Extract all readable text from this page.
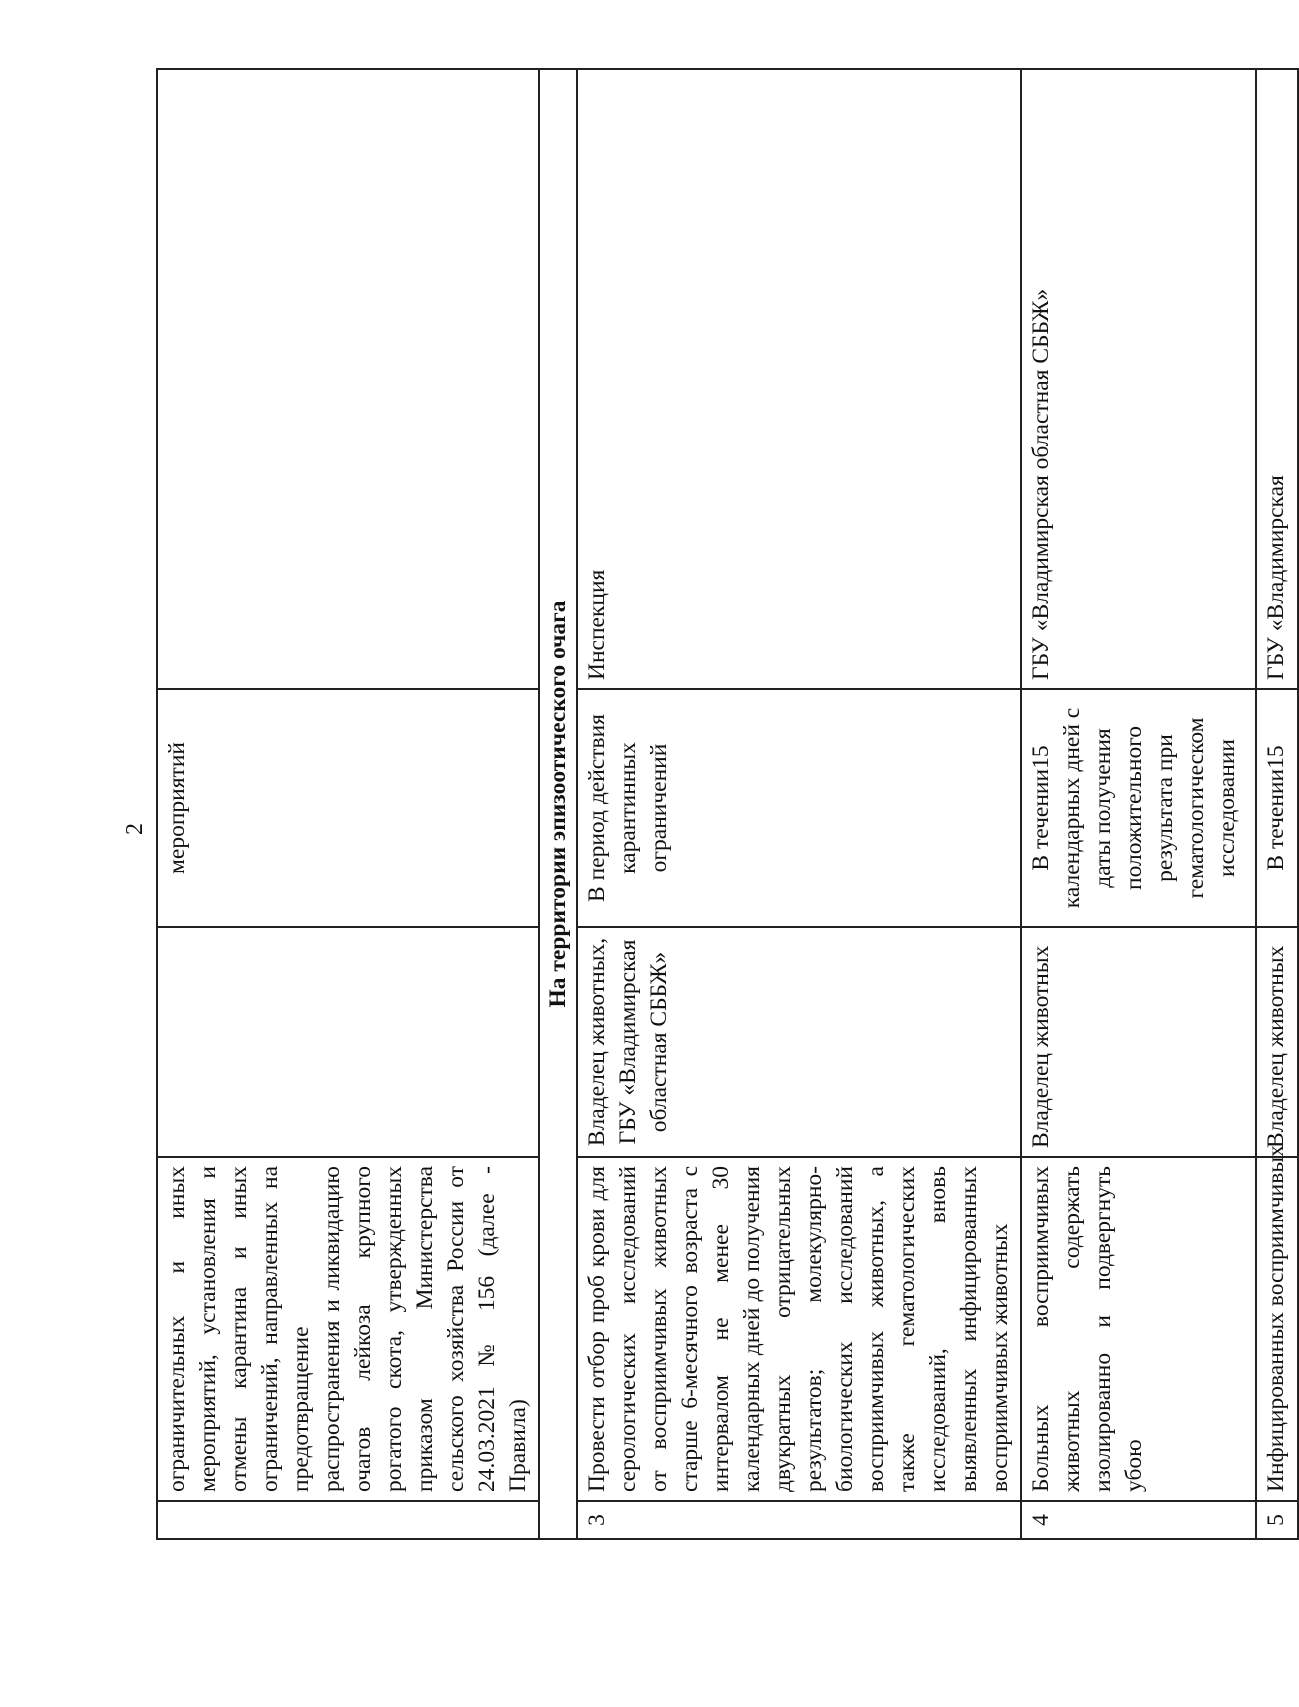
2
	ограничительных и иных мероприятий, установления и отмены карантина и иных ограничений, направленных на предотвращение распространения и ликвидацию очагов лейкоза крупного рогатого скота, утвержденных приказом Министерства сельского хозяйства России от 24.03.2021 № 156 (далее - Правила)		мероприятий	
На территории эпизоотического очага				
3	Провести отбор проб крови для серологических исследований от восприимчивых животных старше 6-месячного возраста с интервалом не менее 30 календарных дней до получения двукратных отрицательных результатов; молекулярно-биологических исследований восприимчивых животных, а также гематологических исследований, вновь выявленных инфицированных восприимчивых животных	Владелец животных, ГБУ «Владимирская областная СББЖ»	В период действия карантинных ограничений	Инспекция
4	Больных восприимчивых животных содержать изолированно и подвергнуть убою	Владелец животных	В течении15 календарных дней с даты получения положительного результата при гематологическом исследовании	ГБУ «Владимирская областная СББЖ»
5	Инфицированных восприимчивых	Владелец животных	В течении15	ГБУ «Владимирская
